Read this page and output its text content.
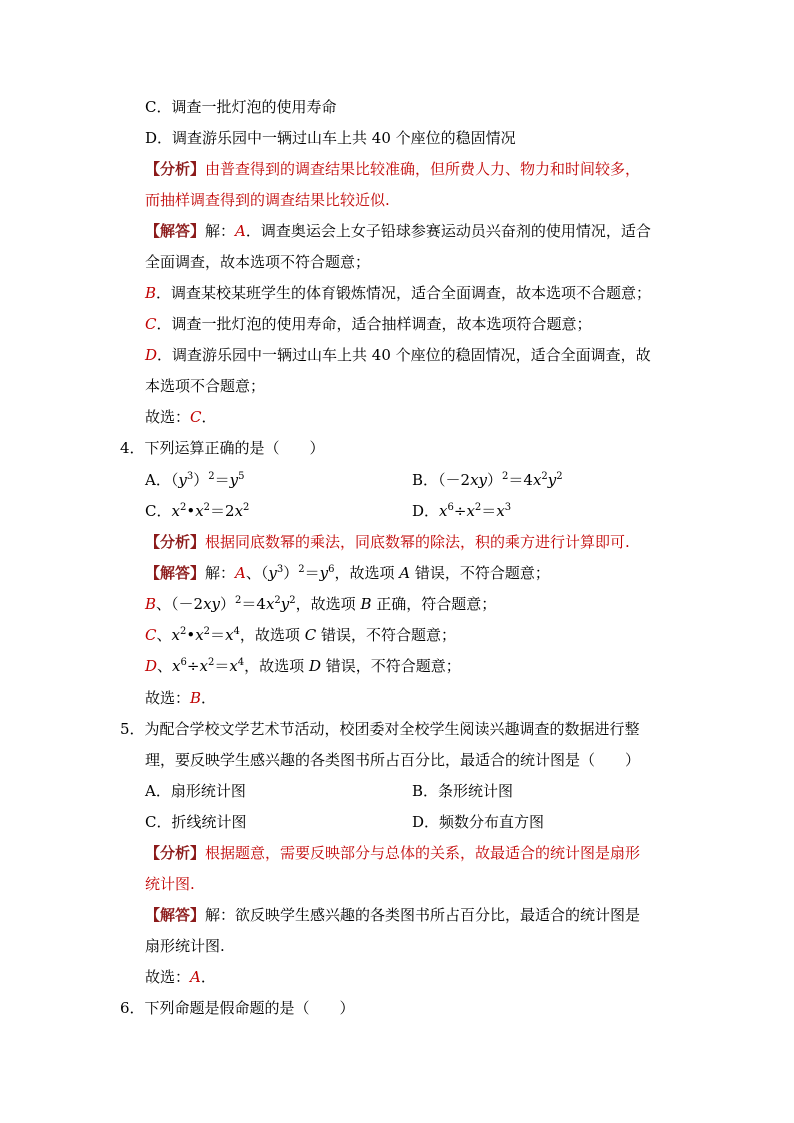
C．调查一批灯泡的使用寿命
D．调查游乐园中一辆过山车上共 40 个座位的稳固情况
【分析】由普查得到的调查结果比较准确，但所费人力、物力和时间较多，
而抽样调查得到的调查结果比较近似.
【解答】解：A．调查奥运会上女子铅球参赛运动员兴奋剂的使用情况，适合
全面调查，故本选项不符合题意；
B．调查某校某班学生的体育锻炼情况，适合全面调查，故本选项不合题意；
C．调查一批灯泡的使用寿命，适合抽样调查，故本选项符合题意；
D．调查游乐园中一辆过山车上共 40 个座位的稳固情况，适合全面调查，故
本选项不合题意；
故选：C．
4．下列运算正确的是（　　）
A．$(y^3)^2=y^5$	B．$(-2xy)^2=4x^2y^2$
C．$x^2•x^2=2x^2$	D．$x^6\div x^2=x^3$
【分析】根据同底数幂的乘法，同底数幂的除法，积的乘方进行计算即可.
【解答】解：A、$(y^3)^2=y^6$，故选项 A 错误，不符合题意；
B、$(-2xy)^2=4x^2y^2$，故选项 B 正确，符合题意；
C、$x^2•x^2=x^4$，故选项 C 错误，不符合题意；
D、$x^6\div x^2=x^4$，故选项 D 错误，不符合题意；
故选：B．
5．为配合学校文学艺术节活动，校团委对全校学生阅读兴趣调查的数据进行整
理，要反映学生感兴趣的各类图书所占百分比，最适合的统计图是（　　）
A．扇形统计图	B．条形统计图
C．折线统计图	D．频数分布直方图
【分析】根据题意，需要反映部分与总体的关系，故最适合的统计图是扇形
统计图.
【解答】解：欲反映学生感兴趣的各类图书所占百分比，最适合的统计图是
扇形统计图.
故选：A．
6．下列命题是假命题的是（　　）
